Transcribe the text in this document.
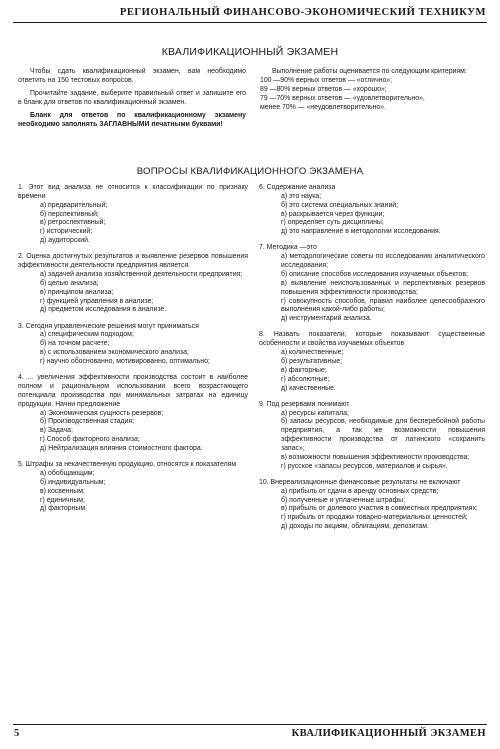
РЕГИОНАЛЬНЫЙ ФИНАНСОВО-ЭКОНОМИЧЕСКИЙ ТЕХНИКУМ
КВАЛИФИКАЦИОННЫЙ ЭКЗАМЕН

Чтобы сдать квалификационный экзамен, вам необходимо ответить на 150 тестовых вопросов.

Прочитайте задание, выберите правильный ответ и запишите его в бланк для ответов по квалификационный экзамен.

Бланк для ответов по квалификационному экзамену необходимо заполнять ЗАГЛАВНЫМИ печатными буквами!

Выполнение работы оценивается по следующим критериям:

100 —90% верных ответов — «отлично»;
89 —80% верных ответов — «хорошо»;
79 —70% верных ответов — «удовлетворительно»,
менее 70% — «неудовлетворительно».
ВОПРОСЫ КВАЛИФИКАЦИОННОГО ЭКЗАМЕНА
1. Этот вид анализа не относится к классификации по признаку времени
а) предварительный;
б) перспективный;
в) ретроспективный;
г) исторический;
д) аудиторский.
2. Оценка достигнутых результатов и выявление резервов повышения эффективности деятельности предприятия является
а) задачей анализа хозяйственной деятельности предприятия;
б) целью анализа;
в) принципом анализа;
г) функцией управления в анализе;
д) предметом исследования в анализе.
3. Сегодня управленческие решения могут приниматься
а) специфическим подходом;
б) на точном расчете;
в) с использованием экономического анализа;
г) научно обоснованно, мотивированно, оптимально;
4. ... увеличения эффективности производства состоит в наиболее полном и рациональном использовании всего возрастающего потенциала производства при минимальных затратах на единицу продукции. Начни предложение
а) Экономическая сущность резервов;
б) Производственная стадия;
в) Задача;
г) Способ факторного анализа;
д) Нейтрализация влияния стоимостного фактора.
5. Штрафы за некачественную продукцию, относятся к показателям
а) обобщающим;
б) индивидуальным;
в) косвенным;
г) единичным;
д) факторным.
6. Содержание анализа
а) это наука;
б) это система специальных знаний;
в) раскрывается через функции;
г) определяет суть дисциплины;
д) это направление в методологии исследования.
7. Методика —это
а) методологические советы по исследованию аналитического исследования;
б) описание способов исследования изучаемых объектов;
в) выявление неиспользованных и перспективных резервов повышения эффективности производства;
г) совокупность способов, правил наиболее целесообразного выполнения какой-либо работы;
д) инструментарий анализа.
8. Назвать показатели, которые показывают существенные особенности и свойства изучаемых объектов
а) количественные;
б) результативные;
в) факторные;
г) абсолютные;
д) качественные.
9. Под резервами понимают
а) ресурсы капитала;
б) запасы ресурсов, необходимые для бесперебойной работы предприятия, а так же возможности повышения эффективности производства от латинского «сохранить запас»;
в) возможности повышения эффективности производства;
г) русское «запасы ресурсов, материалов и сырья».
10. Внереализационные финансовые результаты не включают
а) прибыль от сдачи в аренду основных средств;
б) полученные и уплаченные штрафы;
в) прибыль от долевого участия в совместных предприятиях;
г) прибыль от продажи товарно-материальных ценностей;
д) доходы по акциям, облигациям, депозитам.
5	КВАЛИФИКАЦИОННЫЙ ЭКЗАМЕН
